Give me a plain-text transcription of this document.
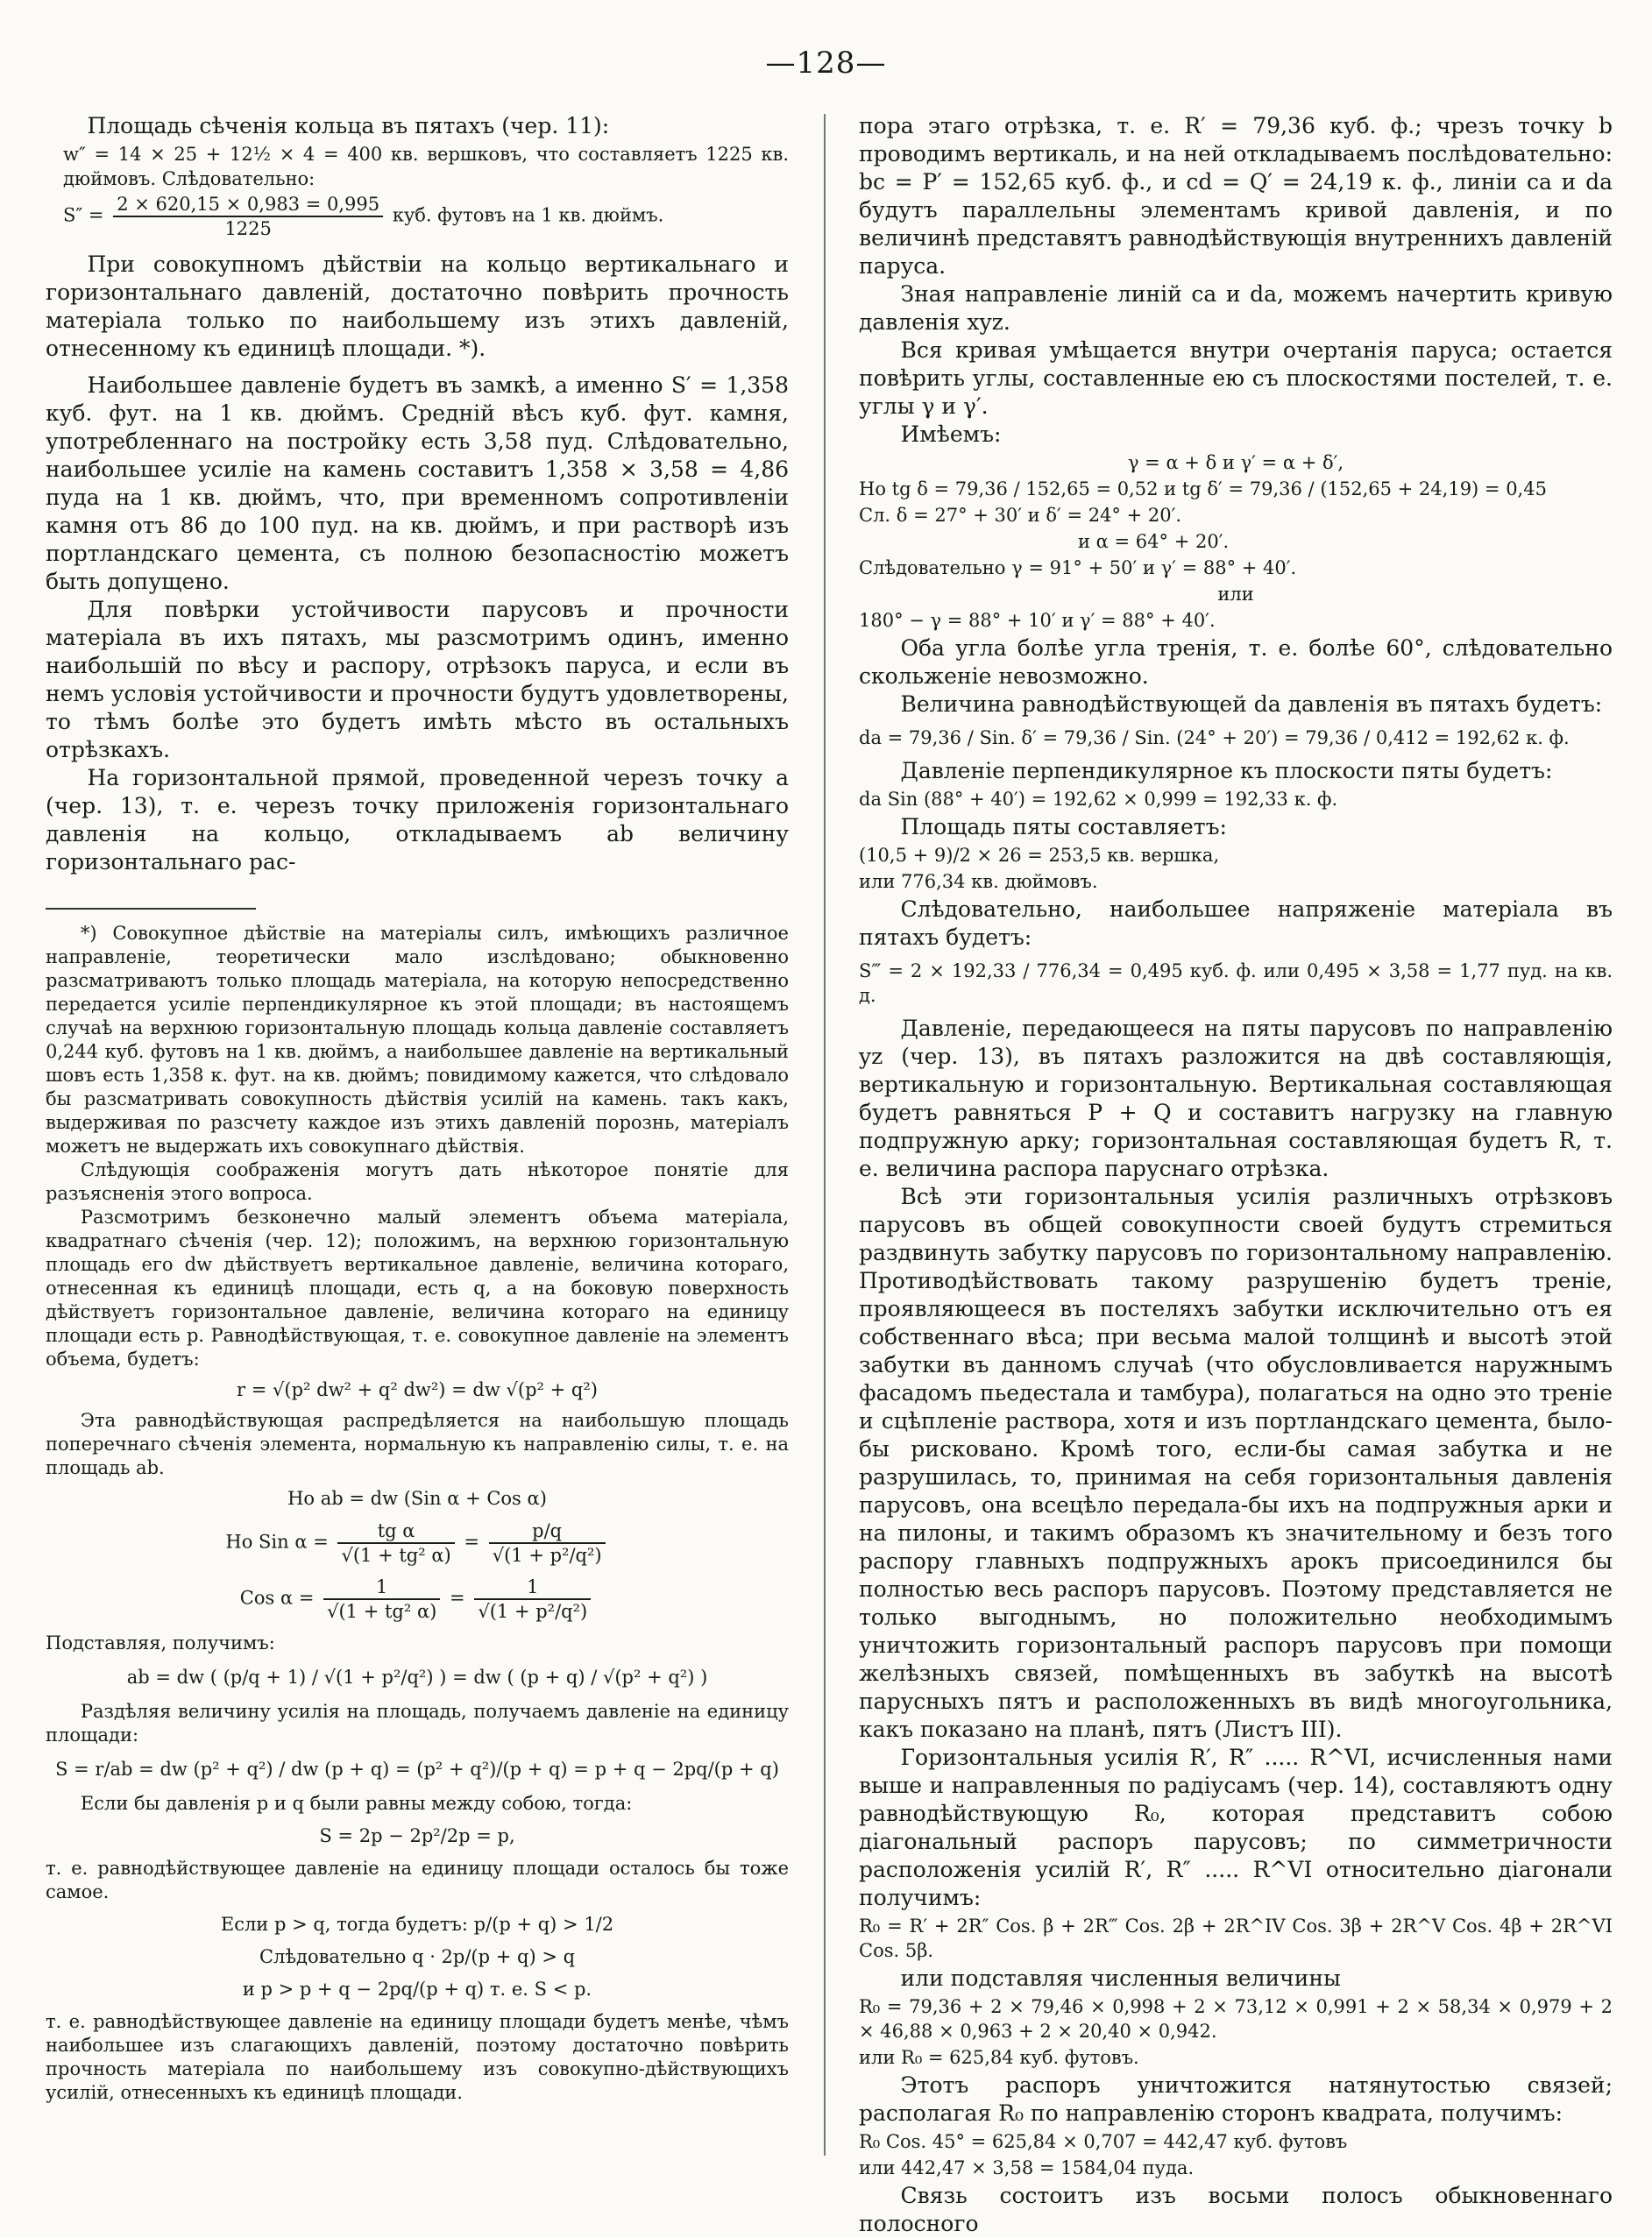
—128—

Площадь сѣченія кольца въ пятахъ (чер. 11):

w″ = 14 × 25 + 12½ × 4 = 400 кв. вершковъ, что составляетъ 1225 кв. дюймовъ. Слѣдовательно:

$S'' = \frac{2 \times 620,15 \times 0,983 = 0,995}{1225}$ куб. футовъ на 1 кв. дюймъ.

При совокупномъ дѣйствіи на кольцо вертикальнаго и горизонтальнаго давленій, достаточно повѣрить прочность матеріала только по наибольшему изъ этихъ давленій, отнесенному къ единицѣ площади. *).

Наибольшее давленіе будетъ въ замкѣ, а именно S′ = 1,358 куб. фут. на 1 кв. дюймъ. Средній вѣсъ куб. фут. камня, употребленнаго на постройку есть 3,58 пуд. Слѣдовательно, наибольшее усиліе на камень составитъ 1,358 × 3,58 = 4,86 пуда на 1 кв. дюймъ, что, при временномъ сопротивленіи камня отъ 86 до 100 пуд. на кв. дюймъ, и при растворѣ изъ портландскаго цемента, съ полною безопасностію можетъ быть допущено.

Для повѣрки устойчивости парусовъ и прочности матеріала въ ихъ пятахъ, мы разсмотримъ одинъ, именно наибольшій по вѣсу и распору, отрѣзокъ паруса, и если въ немъ условія устойчивости и прочности будутъ удовлетворены, то тѣмъ болѣе это будетъ имѣть мѣсто въ остальныхъ отрѣзкахъ.

На горизонтальной прямой, проведенной черезъ точку a (чер. 13), т. е. черезъ точку приложенія горизонтальнаго давленія на кольцо, откладываемъ ab величину горизонтальнаго рас-

*) Совокупное дѣйствіе на матеріалы силъ, имѣющихъ различное направленіе, теоретически мало изслѣдовано; обыкновенно разсматриваютъ только площадь матеріала, на которую непосредственно передается усиліе перпендикулярное къ этой площади; въ настоящемъ случаѣ на верхнюю горизонтальную площадь кольца давленіе составляетъ 0,244 куб. футовъ на 1 кв. дюймъ, а наибольшее давленіе на вертикальный шовъ есть 1,358 к. фут. на кв. дюймъ; повидимому кажется, что слѣдовало бы разсматривать совокупность дѣйствія усилій на камень. такъ какъ, выдерживая по разсчету каждое изъ этихъ давленій порознь, матеріалъ можетъ не выдержать ихъ совокупнаго дѣйствія.

Слѣдующія соображенія могутъ дать нѣкоторое понятіе для разъясненія этого вопроса.

Разсмотримъ безконечно малый элементъ объема матеріала, квадратнаго сѣченія (чер. 12); положимъ, на верхнюю горизонтальную площадь его dw дѣйствуетъ вертикальное давленіе, величина котораго, отнесенная къ единицѣ площади, есть q, а на боковую поверхность дѣйствуетъ горизонтальное давленіе, величина котораго на единицу площади есть p. Равнодѣйствующая, т. е. совокупное давленіе на элементъ объема, будетъ:

r = √(p² dw² + q² dw²) = dw √(p² + q²)

Эта равнодѣйствующая распредѣляется на наибольшую площадь поперечнаго сѣченія элемента, нормальную къ направленію силы, т. е. на площадь ab.

Но ab = dw (Sin α + Cos α)

Но Sin $\alpha = \frac{\text{tg α}}{\text{√(1 + tg² α)}} = \frac{p/q}{\text{√(1 + p²/q²)}}$
Cos $\alpha = \frac{1}{\text{√(1 + tg² α)}} = \frac{1}{\text{√(1 + p²/q²)}}$

Подставляя, получимъ:

ab = dw ( (p/q + 1) / √(1 + p²/q²) ) = dw ( (p + q) / √(p² + q²) )

Раздѣляя величину усилія на площадь, получаемъ давленіе на единицу площади:

S = r/ab = dw (p² + q²) / dw (p + q) = (p² + q²)/(p + q) = p + q − 2pq/(p + q)

Если бы давленія p и q были равны между собою, тогда:

S = 2p − 2p²/2p = p,

т. е. равнодѣйствующее давленіе на единицу площади осталось бы тоже самое.

Если p > q, тогда будетъ: p/(p + q) > 1/2

Слѣдовательно q · 2p/(p + q) > q

и p > p + q − 2pq/(p + q) т. е. S < p.

т. е. равнодѣйствующее давленіе на единицу площади будетъ менѣе, чѣмъ наибольшее изъ слагающихъ давленій, поэтому достаточно повѣрить прочность матеріала по наибольшему изъ совокупно-дѣйствующихъ усилій, отнесенныхъ къ единицѣ площади.

пора этаго отрѣзка, т. е. R′ = 79,36 куб. ф.; чрезъ точку b проводимъ вертикаль, и на ней откладываемъ послѣдовательно: bc = P′ = 152,65 куб. ф., и cd = Q′ = 24,19 к. ф., линіи ca и da будутъ параллельны элементамъ кривой давленія, и по величинѣ представятъ равнодѣйствующія внутреннихъ давленій паруса.

Зная направленіе линій ca и da, можемъ начертить кривую давленія xyz.

Вся кривая умѣщается внутри очертанія паруса; остается повѣрить углы, составленные ею съ плоскостями постелей, т. е. углы γ и γ′.

Имѣемъ:

γ = α + δ и γ′ = α + δ′,

Но tg δ = 79,36 / 152,65 = 0,52 и tg δ′ = 79,36 / (152,65 + 24,19) = 0,45

Сл. δ = 27° + 30′ и δ′ = 24° + 20′.

и α = 64° + 20′.

Слѣдовательно γ = 91° + 50′ и γ′ = 88° + 40′.

или

180° − γ = 88° + 10′ и γ′ = 88° + 40′.

Оба угла болѣе угла тренія, т. е. болѣе 60°, слѣдовательно скольженіе невозможно.

Величина равнодѣйствующей da давленія въ пятахъ будетъ:

da = 79,36 / Sin. δ′ = 79,36 / Sin. (24° + 20′) = 79,36 / 0,412 = 192,62 к. ф.

Давленіе перпендикулярное къ плоскости пяты будетъ:

da Sin (88° + 40′) = 192,62 × 0,999 = 192,33 к. ф.

Площадь пяты составляетъ:

(10,5 + 9)/2 × 26 = 253,5 кв. вершка,

или 776,34 кв. дюймовъ.

Слѣдовательно, наибольшее напряженіе матеріала въ пятахъ будетъ:

S‴ = 2 × 192,33 / 776,34 = 0,495 куб. ф. или 0,495 × 3,58 = 1,77 пуд. на кв. д.

Давленіе, передающееся на пяты парусовъ по направленію yz (чер. 13), въ пятахъ разложится на двѣ составляющія, вертикальную и горизонтальную. Вертикальная составляющая будетъ равняться P + Q и составитъ нагрузку на главную подпружную арку; горизонтальная составляющая будетъ R, т. е. величина распора паруснаго отрѣзка.

Всѣ эти горизонтальныя усилія различныхъ отрѣзковъ парусовъ въ общей совокупности своей будутъ стремиться раздвинуть забутку парусовъ по горизонтальному направленію. Противодѣйствовать такому разрушенію будетъ треніе, проявляющееся въ постеляхъ забутки исключительно отъ ея собственнаго вѣса; при весьма малой толщинѣ и высотѣ этой забутки въ данномъ случаѣ (что обусловливается наружнымъ фасадомъ пьедестала и тамбура), полагаться на одно это треніе и сцѣпленіе раствора, хотя и изъ портландскаго цемента, было-бы рисковано. Кромѣ того, если-бы самая забутка и не разрушилась, то, принимая на себя горизонтальныя давленія парусовъ, она всецѣло передала-бы ихъ на подпружныя арки и на пилоны, и такимъ образомъ къ значительному и безъ того распору главныхъ подпружныхъ арокъ присоединился бы полностью весь распоръ парусовъ. Поэтому представляется не только выгоднымъ, но положительно необходимымъ уничтожить горизонтальный распоръ парусовъ при помощи желѣзныхъ связей, помѣщенныхъ въ забуткѣ на высотѣ парусныхъ пятъ и расположенныхъ въ видѣ многоугольника, какъ показано на планѣ, пятъ (Листъ III).

Горизонтальныя усилія R′, R″ ..... R^VI, исчисленныя нами выше и направленныя по радіусамъ (чер. 14), составляютъ одну равнодѣйствующую R₀, которая представитъ собою діагональный распоръ парусовъ; по симметричности расположенія усилій R′, R″ ..... R^VI относительно діагонали получимъ:

R₀ = R′ + 2R″ Cos. β + 2R‴ Cos. 2β + 2R^IV Cos. 3β + 2R^V Cos. 4β + 2R^VI Cos. 5β.

или подставляя численныя величины

R₀ = 79,36 + 2 × 79,46 × 0,998 + 2 × 73,12 × 0,991 + 2 × 58,34 × 0,979 + 2 × 46,88 × 0,963 + 2 × 20,40 × 0,942.

или R₀ = 625,84 куб. футовъ.

Этотъ распоръ уничтожится натянутостью связей; располагая R₀ по направленію сторонъ квадрата, получимъ:

R₀ Cos. 45° = 625,84 × 0,707 = 442,47 куб. футовъ

или 442,47 × 3,58 = 1584,04 пуда.

Связь состоитъ изъ восьми полосъ обыкновеннаго полосного
